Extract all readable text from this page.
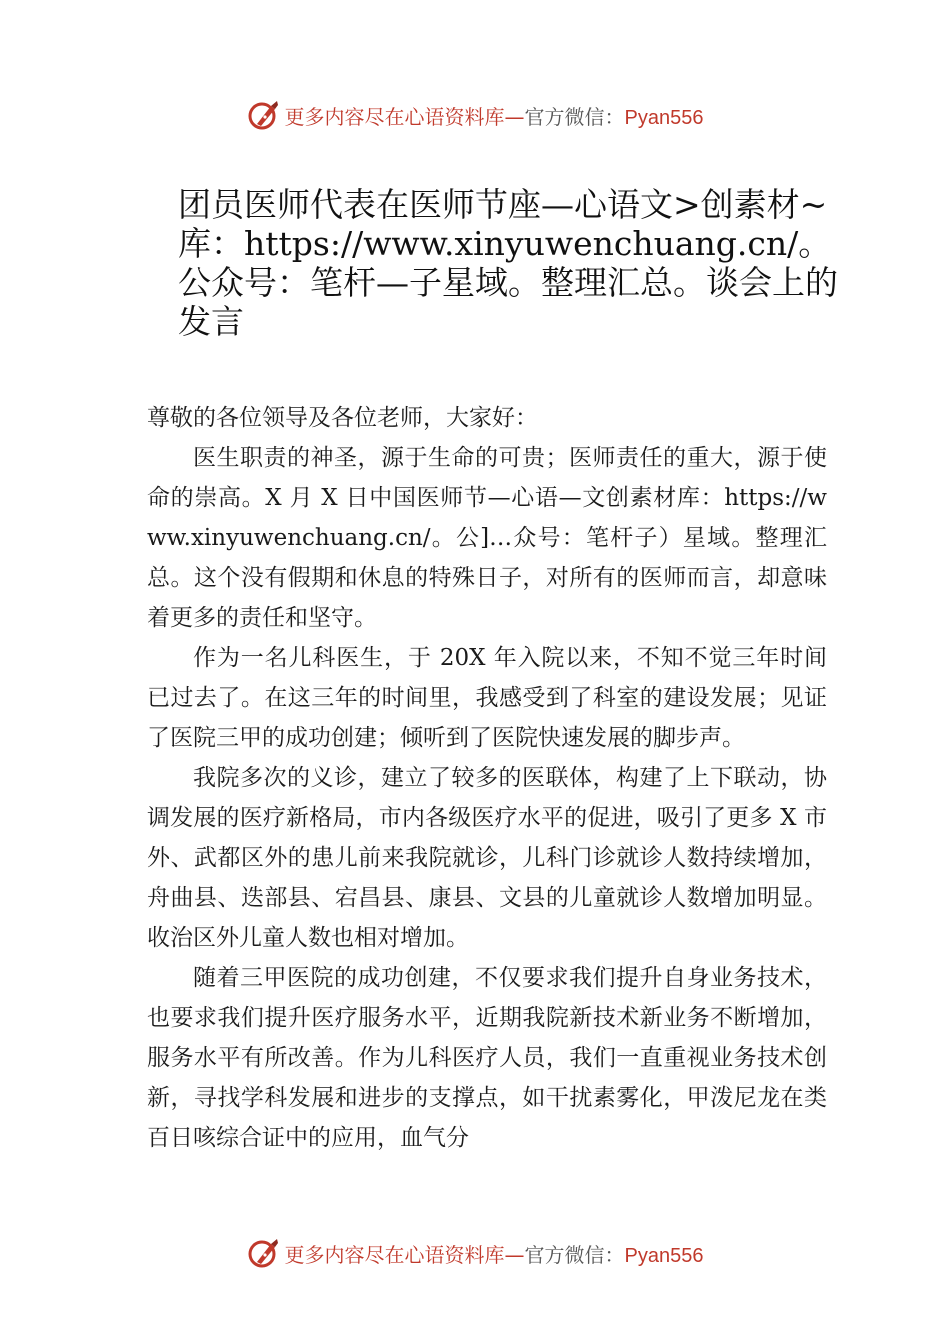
更多内容尽在心语资料库—官方微信：Pyan556
团员医师代表在医师节座—心语文>创素材~库：https://www.xinyuwenchuang.cn/。公众号：笔杆—子星域。整理汇总。谈会上的发言

尊敬的各位领导及各位老师，大家好：

医生职责的神圣，源于生命的可贵；医师责任的重大，源于使命的崇高。X 月 X 日中国医师节—心语—文创素材库：https://www.xinyuwenchuang.cn/。公]…众号：笔杆子）星域。整理汇总。这个没有假期和休息的特殊日子，对所有的医师而言，却意味着更多的责任和坚守。

作为一名儿科医生，于 20X 年入院以来，不知不觉三年时间已过去了。在这三年的时间里，我感受到了科室的建设发展；见证了医院三甲的成功创建；倾听到了医院快速发展的脚步声。

我院多次的义诊，建立了较多的医联体，构建了上下联动，协调发展的医疗新格局，市内各级医疗水平的促进，吸引了更多 X 市外、武都区外的患儿前来我院就诊，儿科门诊就诊人数持续增加，舟曲县、迭部县、宕昌县、康县、文县的儿童就诊人数增加明显。收治区外儿童人数也相对增加。

随着三甲医院的成功创建，不仅要求我们提升自身业务技术，也要求我们提升医疗服务水平，近期我院新技术新业务不断增加，服务水平有所改善。作为儿科医疗人员，我们一直重视业务技术创新，寻找学科发展和进步的支撑点，如干扰素雾化，甲泼尼龙在类百日咳综合证中的应用，血气分

更多内容尽在心语资料库—官方微信：Pyan556
